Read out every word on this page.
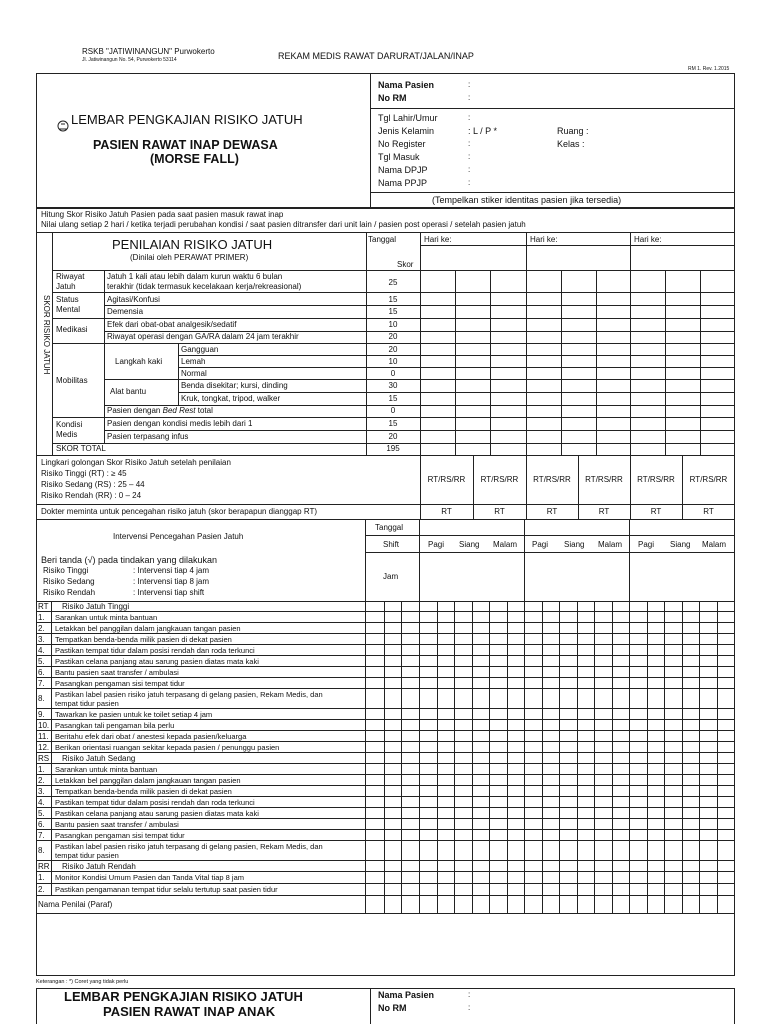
RSKB "JATIWINANGUN" Purwokerto
Jl. Jatiwinangun No. 54, Purwokerto 53114	REKAM MEDIS RAWAT DARURAT/JALAN/INAP
RM 1. Rev. 1.2015
LEMBAR PENGKAJIAN RISIKO JATUH
PASIEN RAWAT INAP DEWASA
(MORSE FALL)
Nama Pasien	:
No RM	:
Tgl Lahir/Umur	:
Jenis Kelamin	: L / P *	Ruang :
No Register	:	Kelas :
Tgl Masuk	:
Nama DPJP	:
Nama PPJP	:
(Tempelkan stiker identitas pasien jika tersedia)
Hitung Skor Risiko Jatuh Pasien pada saat pasien masuk rawat inap
Nilai ulang setiap 2 hari / ketika terjadi perubahan kondisi / saat pasien ditransfer dari unit lain / pasien post operasi / setelah pasien jatuh
PENILAIAN RISIKO JATUH
(Dinilai oleh PERAWAT PRIMER)
Tanggal
Skor
Hari ke:	Hari ke:	Hari ke:
SKOR RISIKO JATUH
Riwayat Jatuh
Jatuh 1 kali atau lebih dalam kurun waktu 6 bulan
terakhir (tidak termasuk kecelakaan kerja/rekreasional)	25
Status Mental
Agitasi/Konfusi	15
Demensia	15
Medikasi
Efek dari obat-obat analgesik/sedatif	10
Riwayat operasi dengan GA/RA dalam 24 jam terakhir	20
Mobilitas
Langkah kaki
Gangguan	20
Lemah	10
Normal	0
Alat bantu
Benda disekitar; kursi, dinding	30
Kruk, tongkat, tripod, walker	15
Pasien dengan Bed Rest total	0
Kondisi Medis
Pasien dengan kondisi medis lebih dari 1	15
Pasien terpasang infus	20
SKOR TOTAL	195
Lingkari golongan Skor Risiko Jatuh setelah penilaian
Risiko Tinggi (RT) : ≥ 45
Risiko Sedang (RS) : 25 – 44
Risiko Rendah (RR) : 0 – 24
RT/RS/RR	RT/RS/RR	RT/RS/RR	RT/RS/RR	RT/RS/RR	RT/RS/RR
Dokter meminta untuk pencegahan risiko jatuh (skor berapapun dianggap RT)	RT	RT	RT	RT	RT	RT
Intervensi Pencegahan Pasien Jatuh
Tanggal
Shift
Jam
Pagi Siang Malam Pagi Siang Malam Pagi Siang Malam
Beri tanda (√) pada tindakan yang dilakukan
Risiko Tinggi	: Intervensi tiap 4 jam
Risiko Sedang	: Intervensi tiap 8 jam
Risiko Rendah	: Intervensi tiap shift
RT Risiko Jatuh Tinggi
1. Sarankan untuk minta bantuan
2. Letakkan bel panggilan dalam jangkauan tangan pasien
3. Tempatkan benda-benda milik pasien di dekat pasien
4. Pastikan tempat tidur dalam posisi rendah dan roda terkunci
5. Pastikan celana panjang atau sarung pasien diatas mata kaki
6. Bantu pasien saat transfer / ambulasi
7. Pasangkan pengaman sisi tempat tidur
8. Pastikan label pasien risiko jatuh terpasang di gelang pasien, Rekam Medis, dan
tempat tidur pasien
9. Tawarkan ke pasien untuk ke toilet setiap 4 jam
10. Pasangkan tali pengaman bila perlu
11. Beritahu efek dari obat / anestesi kepada pasien/keluarga
12. Berikan orientasi ruangan sekitar kepada pasien / penunggu pasien
RS Risiko Jatuh Sedang
1. Sarankan untuk minta bantuan
2. Letakkan bel panggilan dalam jangkauan tangan pasien
3. Tempatkan benda-benda milik pasien di dekat pasien
4. Pastikan tempat tidur dalam posisi rendah dan roda terkunci
5. Pastikan celana panjang atau sarung pasien diatas mata kaki
6. Bantu pasien saat transfer / ambulasi
7. Pasangkan pengaman sisi tempat tidur
8. Pastikan label pasien risiko jatuh terpasang di gelang pasien, Rekam Medis, dan
tempat tidur pasien
RR Risiko Jatuh Rendah
1. Monitor Kondisi Umum Pasien dan Tanda Vital tiap 8 jam
2. Pastikan pengamanan tempat tidur selalu tertutup saat pasien tidur
Nama Penilai (Paraf)
Keterangan : *) Coret yang tidak perlu
LEMBAR PENGKAJIAN RISIKO JATUH
PASIEN RAWAT INAP ANAK
Nama Pasien	:
No RM	:
